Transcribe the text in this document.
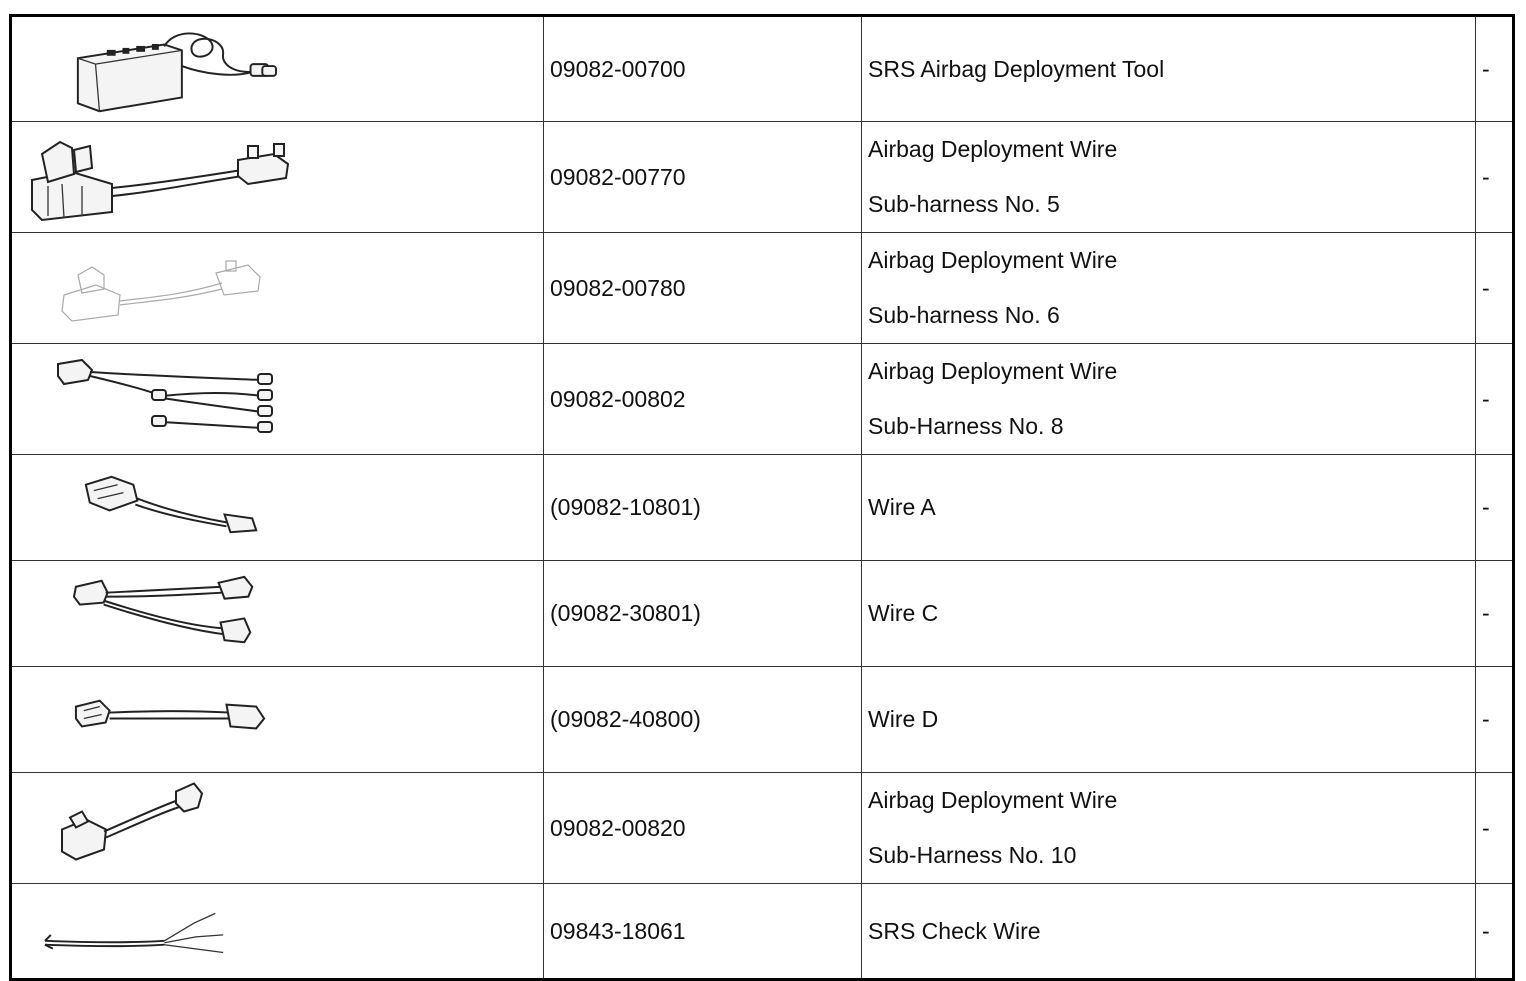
	09082-00700	SRS Airbag Deployment Tool	-

	09082-00770	Airbag Deployment Wire
Sub-harness No. 5	-

	09082-00780	Airbag Deployment Wire
Sub-harness No. 6	-

	09082-00802	Airbag Deployment Wire
Sub-Harness No. 8	-

	(09082-10801)	Wire A	-

	(09082-30801)	Wire C	-

	(09082-40800)	Wire D	-

	09082-00820	Airbag Deployment Wire
Sub-Harness No. 10	-

	09843-18061	SRS Check Wire	-
